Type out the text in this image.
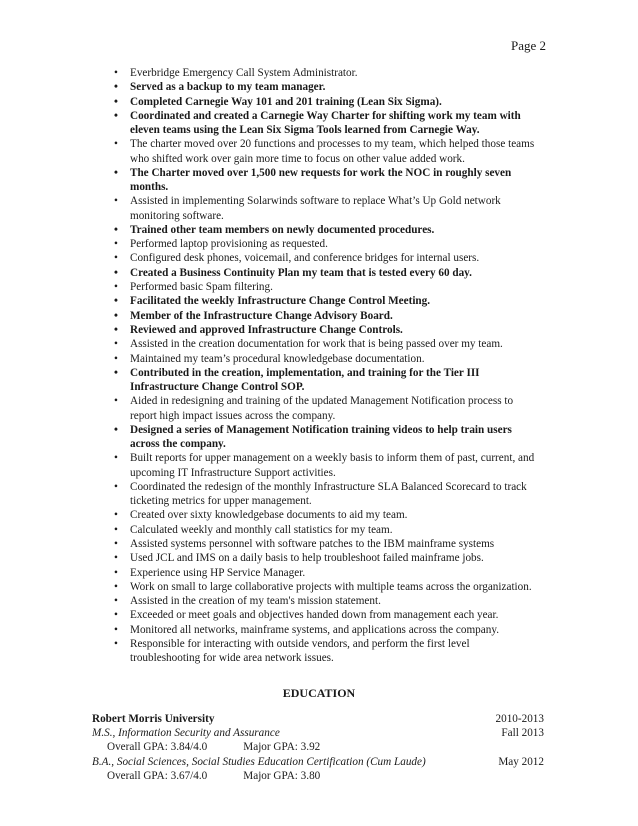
Page 2
•	Everbridge Emergency Call System Administrator.
•	Served as a backup to my team manager.
•	Completed Carnegie Way 101 and 201 training (Lean Six Sigma).
•	Coordinated and created a Carnegie Way Charter for shifting work my team with eleven teams using the Lean Six Sigma Tools learned from Carnegie Way.
•	The charter moved over 20 functions and processes to my team, which helped those teams who shifted work over gain more time to focus on other value added work.
•	The Charter moved over 1,500 new requests for work the NOC in roughly seven months.
•	Assisted in implementing Solarwinds software to replace What’s Up Gold network monitoring software.
•	Trained other team members on newly documented procedures.
•	Performed laptop provisioning as requested.
•	Configured desk phones, voicemail, and conference bridges for internal users.
•	Created a Business Continuity Plan my team that is tested every 60 day.
•	Performed basic Spam filtering.
•	Facilitated the weekly Infrastructure Change Control Meeting.
•	Member of the Infrastructure Change Advisory Board.
•	Reviewed and approved Infrastructure Change Controls.
•	Assisted in the creation documentation for work that is being passed over my team.
•	Maintained my team’s procedural knowledgebase documentation.
•	Contributed in the creation, implementation, and training for the Tier III Infrastructure Change Control SOP.
•	Aided in redesigning and training of the updated Management Notification process to report high impact issues across the company.
•	Designed a series of Management Notification training videos to help train users across the company.
•	Built reports for upper management on a weekly basis to inform them of past, current, and upcoming IT Infrastructure Support activities.
•	Coordinated the redesign of the monthly Infrastructure SLA Balanced Scorecard to track ticketing metrics for upper management.
•	Created over sixty knowledgebase documents to aid my team.
•	Calculated weekly and monthly call statistics for my team.
•	Assisted systems personnel with software patches to the IBM mainframe systems
•	Used JCL and IMS on a daily basis to help troubleshoot failed mainframe jobs.
•	Experience using HP Service Manager.
•	Work on small to large collaborative projects with multiple teams across the organization.
•	Assisted in the creation of my team's mission statement.
•	Exceeded or meet goals and objectives handed down from management each year.
•	Monitored all networks, mainframe systems, and applications across the company.
•	Responsible for interacting with outside vendors, and perform the first level troubleshooting for wide area network issues.
EDUCATION
Robert Morris University	2010-2013
M.S., Information Security and Assurance	Fall 2013
Overall GPA: 3.84/4.0	Major GPA: 3.92
B.A., Social Sciences, Social Studies Education Certification (Cum Laude)	May 2012
Overall GPA: 3.67/4.0	Major GPA: 3.80
